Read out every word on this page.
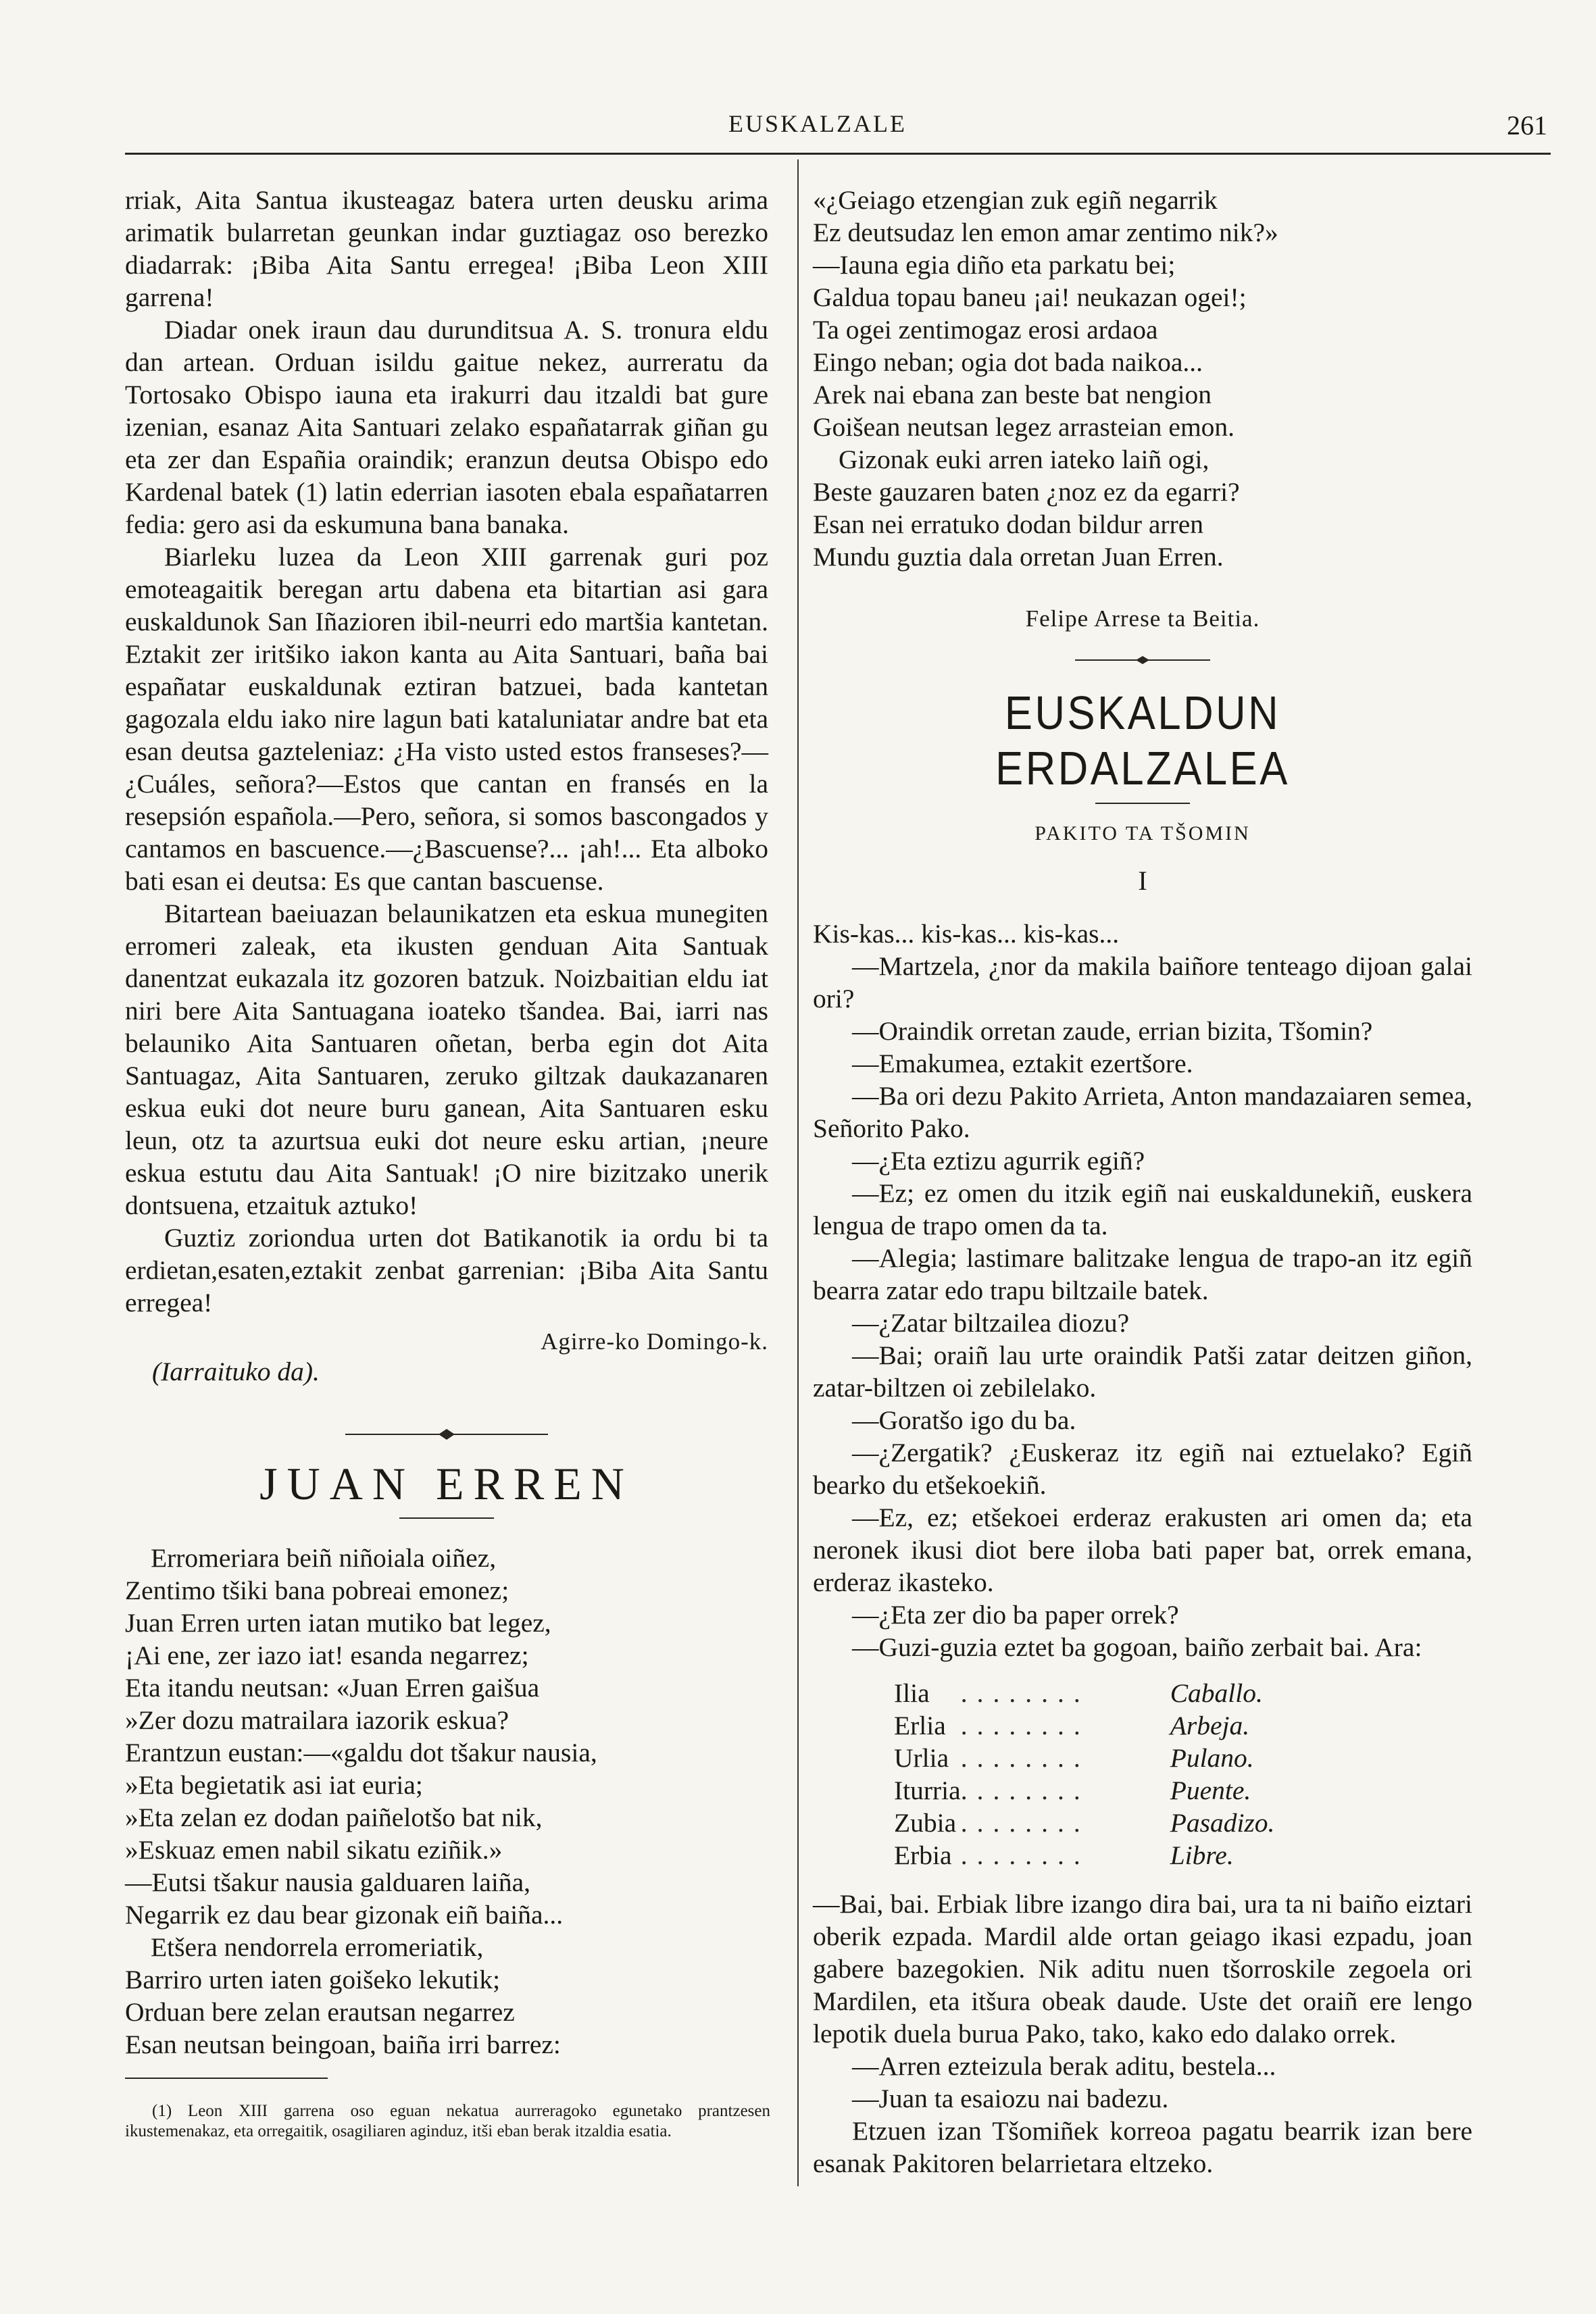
EUSKALZALE	261

rriak, Aita Santua ikusteagaz batera urten deusku arima arimatik bularretan geunkan indar guztiagaz oso berezko diadarrak: ¡Biba Aita Santu erregea! ¡Biba Leon XIII garrena!

Diadar onek iraun dau durunditsua A. S. tronura eldu dan artean. Orduan isildu gaitue nekez, aurreratu da Tortosako Obispo iauna eta irakurri dau itzaldi bat gure izenian, esanaz Aita Santuari zelako españatarrak giñan gu eta zer dan Españia oraindik; eranzun deutsa Obispo edo Kardenal batek (1) latin ederrian iasoten ebala españatarren fedia: gero asi da eskumuna bana banaka.

Biarleku luzea da Leon XIII garrenak guri poz emoteagaitik beregan artu dabena eta bitartian asi gara euskaldunok San Iñazioren ibil-neurri edo martšia kantetan. Eztakit zer iritšiko iakon kanta au Aita Santuari, baña bai españatar euskaldunak eztiran batzuei, bada kantetan gagozala eldu iako nire lagun bati kataluniatar andre bat eta esan deutsa gazteleniaz: ¿Ha visto usted estos franseses?—¿Cuáles, señora?—Estos que cantan en fransés en la resepsión española.—Pero, señora, si somos bascongados y cantamos en bascuence.—¿Bascuense?... ¡ah!... Eta alboko bati esan ei deutsa: Es que cantan bascuense.

Bitartean baeiuazan belaunikatzen eta eskua munegiten erromeri zaleak, eta ikusten genduan Aita Santuak danentzat eukazala itz gozoren batzuk. Noizbaitian eldu iat niri bere Aita Santuagana ioateko tšandea. Bai, iarri nas belauniko Aita Santuaren oñetan, berba egin dot Aita Santuagaz, Aita Santuaren, zeruko giltzak daukazanaren eskua euki dot neure buru ganean, Aita Santuaren esku leun, otz ta azurtsua euki dot neure esku artian, ¡neure eskua estutu dau Aita Santuak! ¡O nire bizitzako unerik dontsuena, etzaituk aztuko!

Guztiz zoriondua urten dot Batikanotik ia ordu bi ta erdietan,esaten,eztakit zenbat garrenian: ¡Biba Aita Santu erregea!

Agirre-ko Domingo-k.
(Iarraituko da).
JUAN ERREN
Erromeriara beiñ niñoiala oiñez,
Zentimo tšiki bana pobreai emonez;
Juan Erren urten iatan mutiko bat legez,
¡Ai ene, zer iazo iat! esanda negarrez;
Eta itandu neutsan: «Juan Erren gaišua
»Zer dozu matrailara iazorik eskua?
Erantzun eustan:—«galdu dot tšakur nausia,
»Eta begietatik asi iat euria;
»Eta zelan ez dodan paiñelotšo bat nik,
»Eskuaz emen nabil sikatu eziñik.»
—Eutsi tšakur nausia galduaren laiña,
Negarrik ez dau bear gizonak eiñ baiña...
Etšera nendorrela erromeriatik,
Barriro urten iaten goišeko lekutik;
Orduan bere zelan erautsan negarrez
Esan neutsan beingoan, baiña irri barrez:
(1) Leon XIII garrena oso eguan nekatua aurreragoko egunetako prantzesen ikustemenakaz, eta orregaitik, osagiliaren aginduz, itši eban berak itzaldia esatia.
«¿Geiago etzengian zuk egiñ negarrik
Ez deutsudaz len emon amar zentimo nik?»
—Iauna egia diño eta parkatu bei;
Galdua topau baneu ¡ai! neukazan ogei!;
Ta ogei zentimogaz erosi ardaoa
Eingo neban; ogia dot bada naikoa...
Arek nai ebana zan beste bat nengion
Goišean neutsan legez arrasteian emon.
Gizonak euki arren iateko laiñ ogi,
Beste gauzaren baten ¿noz ez da egarri?
Esan nei erratuko dodan bildur arren
Mundu guztia dala orretan Juan Erren.
Felipe Arrese ta Beitia.
EUSKALDUN ERDALZALEA
PAKITO TA TŠOMIN
I

Kis-kas... kis-kas... kis-kas...

—Martzela, ¿nor da makila baiñore tenteago dijoan galai ori?

—Oraindik orretan zaude, errian bizita, Tšomin?

—Emakumea, eztakit ezertšore.

—Ba ori dezu Pakito Arrieta, Anton mandazaiaren semea, Señorito Pako.

—¿Eta eztizu agurrik egiñ?

—Ez; ez omen du itzik egiñ nai euskaldunekiñ, euskera lengua de trapo omen da ta.

—Alegia; lastimare balitzake lengua de trapo-an itz egiñ bearra zatar edo trapu biltzaile batek.

—¿Zatar biltzailea diozu?

—Bai; oraiñ lau urte oraindik Patši zatar deitzen giñon, zatar-biltzen oi zebilelako.

—Goratšo igo du ba.

—¿Zergatik? ¿Euskeraz itz egiñ nai eztuelako? Egiñ bearko du etšekoekiñ.

—Ez, ez; etšekoei erderaz erakusten ari omen da; eta neronek ikusi diot bere iloba bati paper bat, orrek emana, erderaz ikasteko.

—¿Eta zer dio ba paper orrek?

—Guzi-guzia eztet ba gogoan, baiño zerbait bai. Ara:

Ilia	........	Caballo.
Erlia	........	Arbeja.
Urlia	........	Pulano.
Iturria	........	Puente.
Zubia	........	Pasadizo.
Erbia	........	Libre.

—Bai, bai. Erbiak libre izango dira bai, ura ta ni baiño eiztari oberik ezpada. Mardil alde ortan geiago ikasi ezpadu, joan gabere bazegokien. Nik aditu nuen tšorroskile zegoela ori Mardilen, eta itšura obeak daude. Uste det oraiñ ere lengo lepotik duela burua Pako, tako, kako edo dalako orrek.

—Arren ezteizula berak aditu, bestela...

—Juan ta esaiozu nai badezu.

Etzuen izan Tšomiñek korreoa pagatu bearrik izan bere esanak Pakitoren belarrietara eltzeko.
